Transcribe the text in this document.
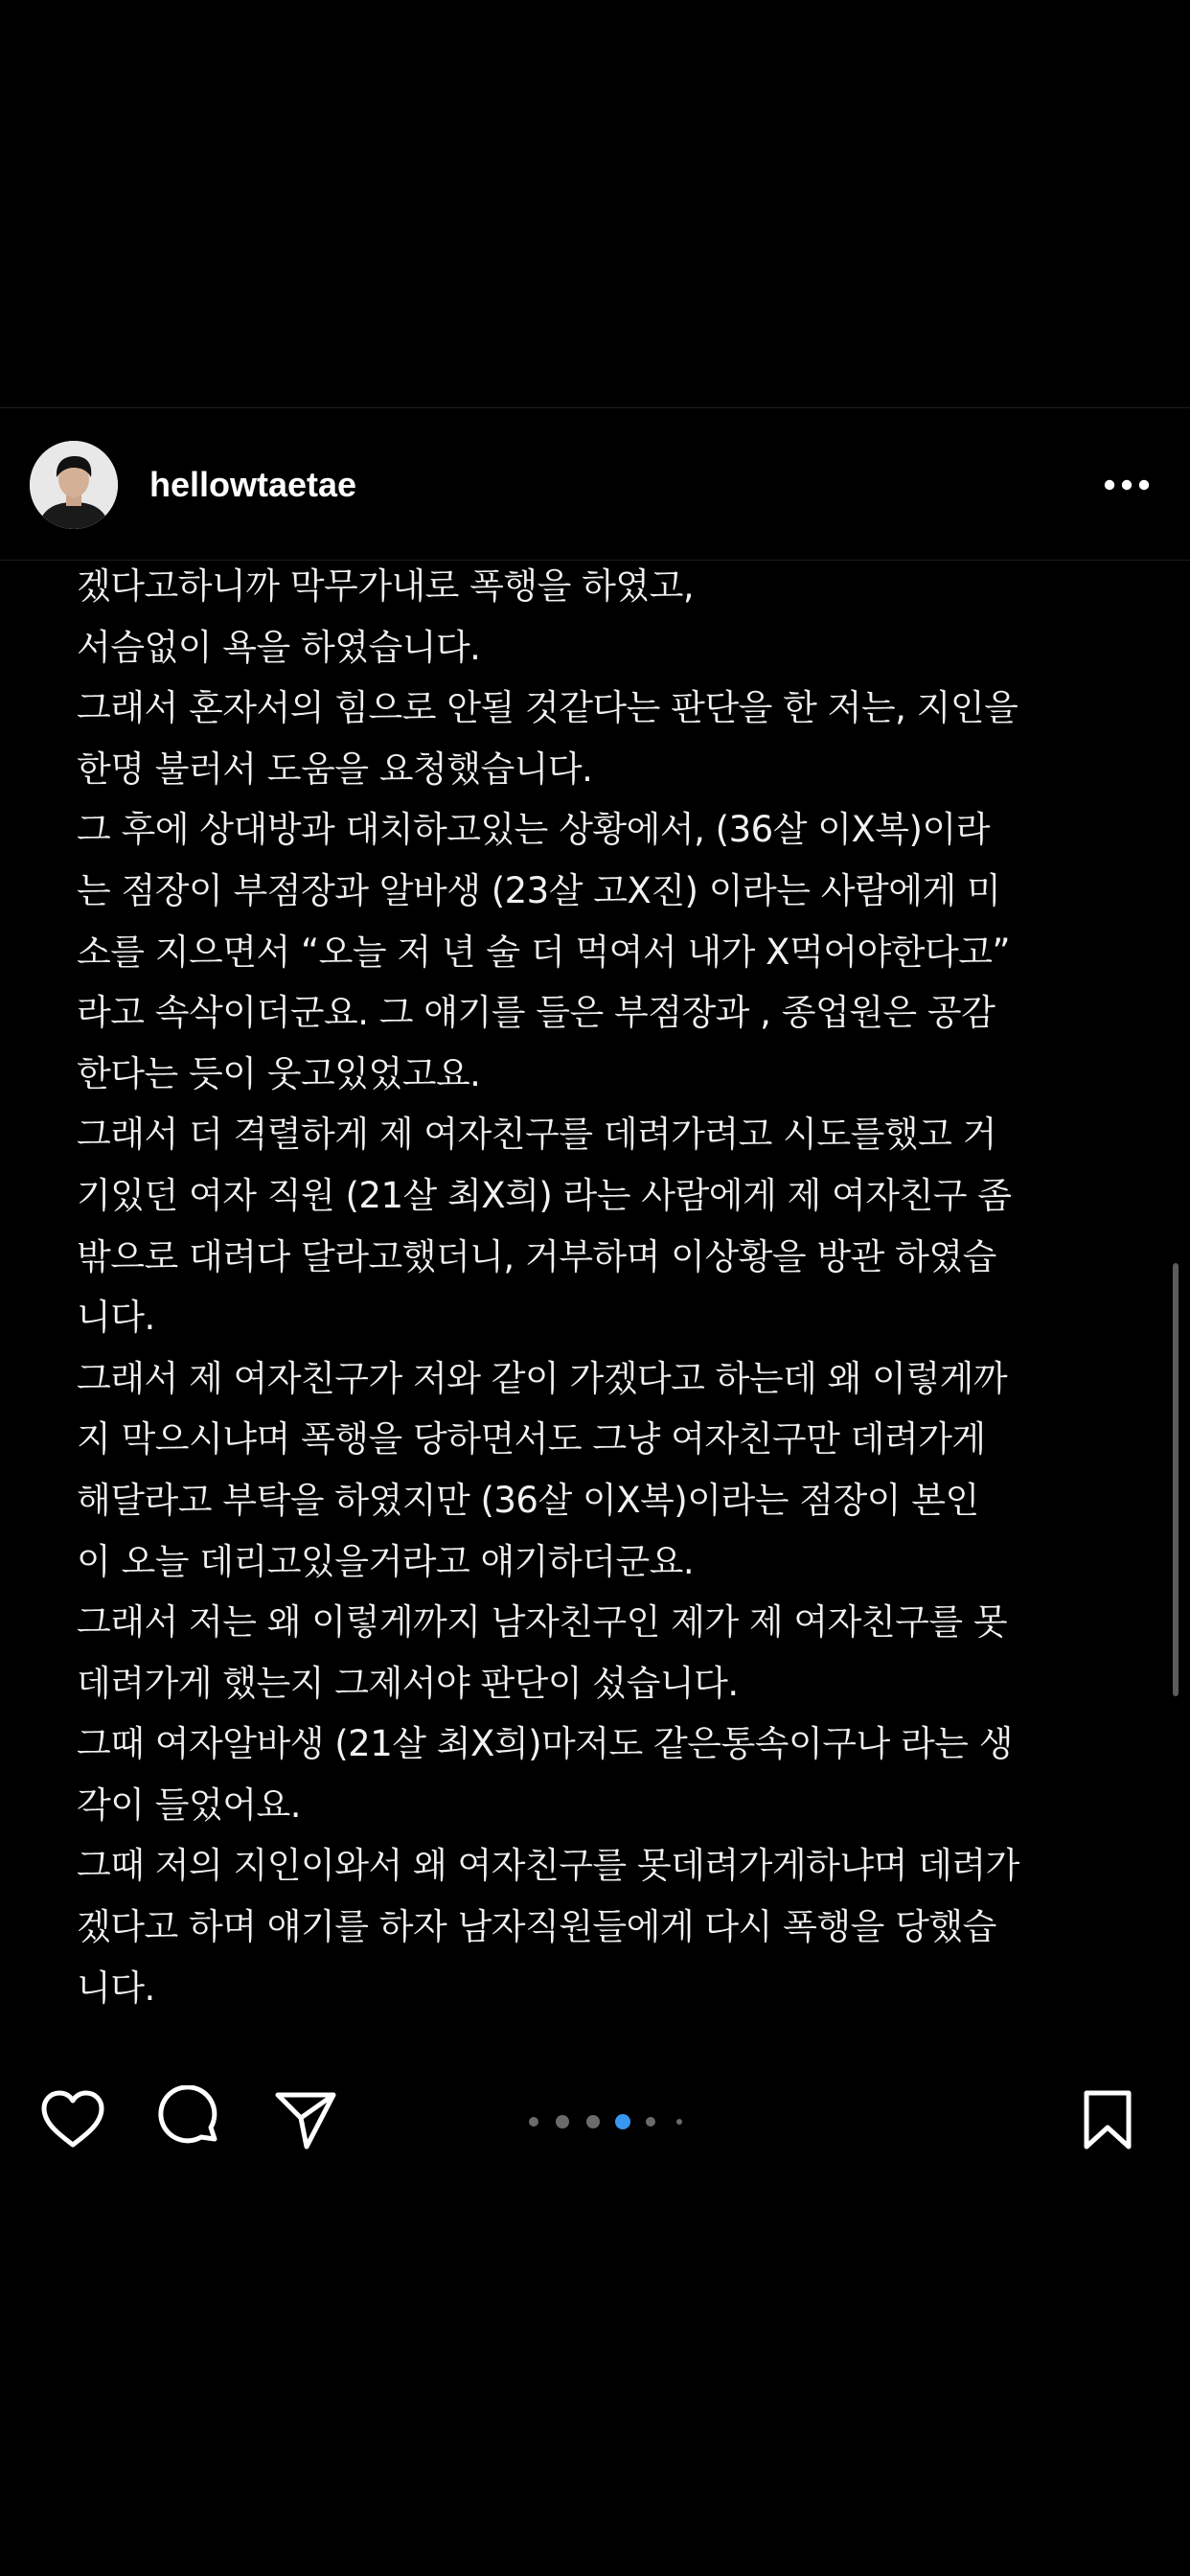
hellowtaetae
겠다고하니까 막무가내로 폭행을 하였고,
서슴없이 욕을 하였습니다.
그래서 혼자서의 힘으로 안될 것같다는 판단을 한 저는, 지인을
한명 불러서 도움을 요청했습니다.
그 후에 상대방과 대치하고있는 상황에서, (36살 이X복)이라
는 점장이 부점장과 알바생 (23살 고X진) 이라는 사람에게 미
소를 지으면서 “오늘 저 년 술 더 먹여서 내가 X먹어야한다고”
라고 속삭이더군요. 그 얘기를 들은 부점장과 , 종업원은 공감
한다는 듯이 웃고있었고요.
그래서 더 격렬하게 제 여자친구를 데려가려고 시도를했고 거
기있던 여자 직원 (21살 최X희) 라는 사람에게 제 여자친구 좀
밖으로 대려다 달라고했더니, 거부하며 이상황을 방관 하였습
니다.
그래서 제 여자친구가 저와 같이 가겠다고 하는데 왜 이렇게까
지 막으시냐며 폭행을 당하면서도 그냥 여자친구만 데려가게
해달라고 부탁을 하였지만 (36살 이X복)이라는 점장이 본인
이 오늘 데리고있을거라고 얘기하더군요.
그래서 저는 왜 이렇게까지 남자친구인 제가 제 여자친구를 못
데려가게 했는지 그제서야 판단이 섰습니다.
그때 여자알바생 (21살 최X희)마저도 같은통속이구나 라는 생
각이 들었어요.
그때 저의 지인이와서 왜 여자친구를 못데려가게하냐며 데려가
겠다고 하며 얘기를 하자 남자직원들에게 다시 폭행을 당했습
니다.
